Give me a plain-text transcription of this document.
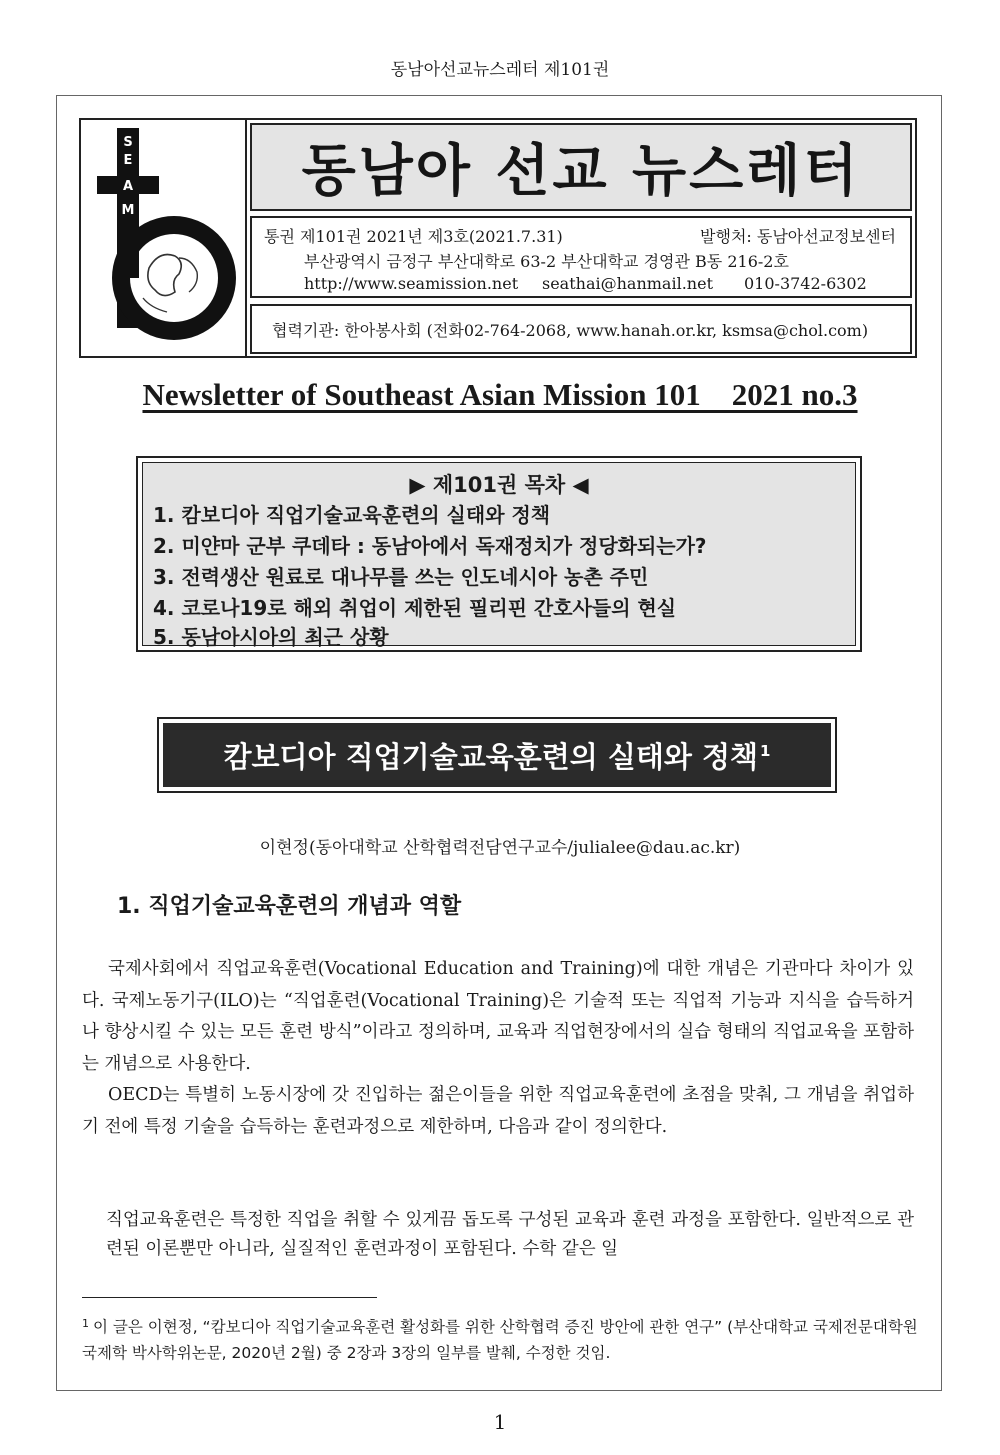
동남아선교뉴스레터 제101권
S
E
A
M
동남아 선교 뉴스레터
통권 제101권 2021년 제3호(2021.7.31)	발행처: 동남아선교정보센터
부산광역시 금정구 부산대학로 63-2 부산대학교 경영관 B동 216-2호
http://www.seamission.net seathai@hanmail.net 010-3742-6302
협력기관: 한아봉사회 (전화02-764-2068, www.hanah.or.kr, ksmsa@chol.com)
Newsletter of Southeast Asian Mission 101    2021 no.3
▶ 제101권 목차 ◀
1. 캄보디아 직업기술교육훈련의 실태와 정책
2. 미얀마 군부 쿠데타 : 동남아에서 독재정치가 정당화되는가?
3. 전력생산 원료로 대나무를 쓰는 인도네시아 농촌 주민
4. 코로나19로 해외 취업이 제한된 필리핀 간호사들의 현실
5. 동남아시아의 최근 상황
캄보디아 직업기술교육훈련의 실태와 정책$^1$
이현정(동아대학교 산학협력전담연구교수/julialee@dau.ac.kr)
1. 직업기술교육훈련의 개념과 역할

국제사회에서 직업교육훈련(Vocational Education and Training)에 대한 개념은 기관마다 차이가 있다. 국제노동기구(ILO)는 “직업훈련(Vocational Training)은 기술적 또는 직업적 기능과 지식을 습득하거나 향상시킬 수 있는 모든 훈련 방식”이라고 정의하며, 교육과 직업현장에서의 실습 형태의 직업교육을 포함하는 개념으로 사용한다.

OECD는 특별히 노동시장에 갓 진입하는 젊은이들을 위한 직업교육훈련에 초점을 맞춰, 그 개념을 취업하기 전에 특정 기술을 습득하는 훈련과정으로 제한하며, 다음과 같이 정의한다.

직업교육훈련은 특정한 직업을 취할 수 있게끔 돕도록 구성된 교육과 훈련 과정을 포함한다. 일반적으로 관련된 이론뿐만 아니라, 실질적인 훈련과정이 포함된다. 수학 같은 일

$^1$ 이 글은 이현정, “캄보디아 직업기술교육훈련 활성화를 위한 산학협력 증진 방안에 관한 연구” (부산대학교 국제전문대학원 국제학 박사학위논문, 2020년 2월) 중 2장과 3장의 일부를 발췌, 수정한 것임.
1
